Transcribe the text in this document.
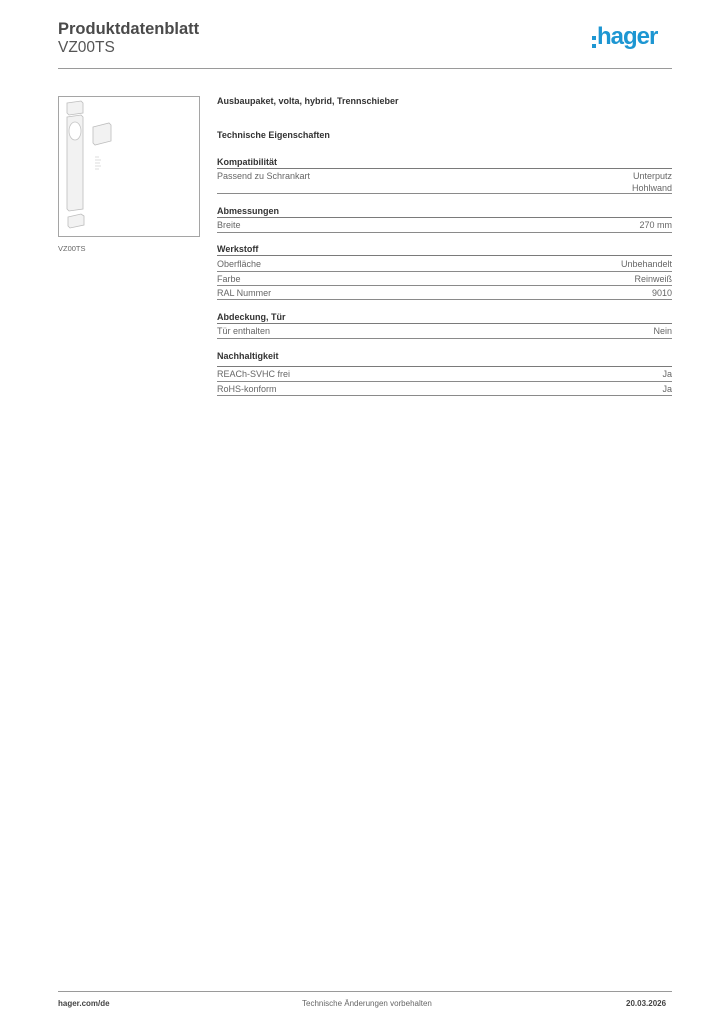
Produktdatenblatt
VZ00TS	hager
VZ00TS
Ausbaupaket, volta, hybrid, Trennschieber
Technische Eigenschaften
Kompatibilität
Passend zu Schrankart	Unterputz
Hohlwand
Abmessungen
Breite	270 mm
Werkstoff
Oberfläche	Unbehandelt
Farbe	Reinweiß
RAL Nummer	9010
Abdeckung, Tür
Tür enthalten	Nein
Nachhaltigkeit
REACh-SVHC frei	Ja
RoHS-konform	Ja
hager.com/de	Technische Änderungen vorbehalten	20.03.2026
